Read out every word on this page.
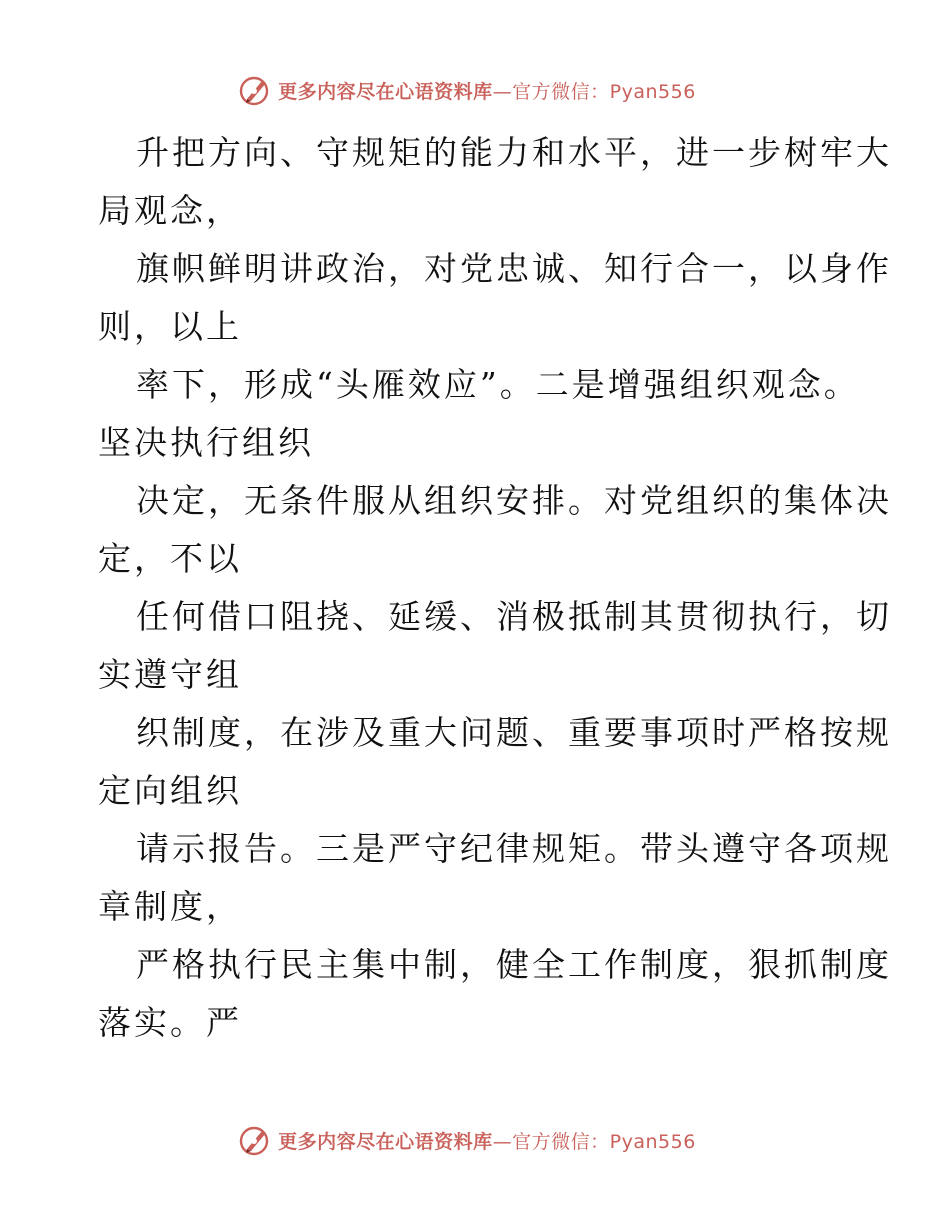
更多内容尽在心语资料库—官方微信：Pyan556
升把方向、守规矩的能力和水平，进一步树牢大
局观念，
旗帜鲜明讲政治，对党忠诚、知行合一，以身作
则，以上
率下，形成“头雁效应”。二是增强组织观念。
坚决执行组织
决定，无条件服从组织安排。对党组织的集体决
定，不以
任何借口阻挠、延缓、消极抵制其贯彻执行，切
实遵守组
织制度，在涉及重大问题、重要事项时严格按规
定向组织
请示报告。三是严守纪律规矩。带头遵守各项规
章制度，
严格执行民主集中制，健全工作制度，狠抓制度
落实。严
更多内容尽在心语资料库—官方微信：Pyan556
